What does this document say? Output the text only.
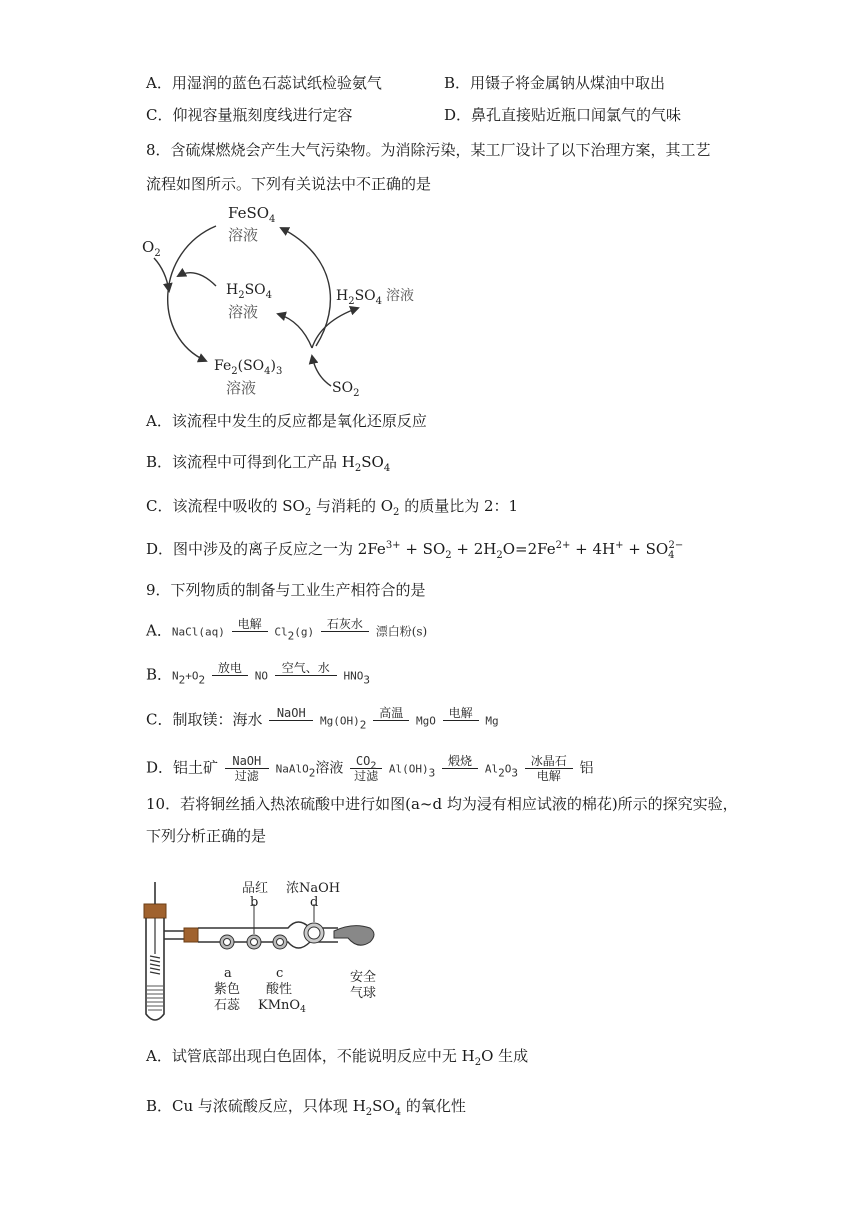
A．用湿润的蓝色石蕊试纸检验氨气	B．用镊子将金属钠从煤油中取出
C．仰视容量瓶刻度线进行定容	D．鼻孔直接贴近瓶口闻氯气的气味
8．含硫煤燃烧会产生大气污染物。为消除污染，某工厂设计了以下治理方案，其工艺
流程如图所示。下列有关说法中不正确的是
FeSO$_4$
溶液
$O_2$
$H_2SO_4$
溶液
$H_2SO_4$ 溶液
$Fe_2(SO_4)_3$
溶液	$SO_2$
A．该流程中发生的反应都是氧化还原反应
B．该流程中可得到化工产品 $H_2SO_4$
C．该流程中吸收的 $SO_2$ 与消耗的 $O_2$ 的质量比为 2：1
D．图中涉及的离子反应之一为 $2Fe^{3+} + SO_2 + 2H_2O=2Fe^{2+} + 4H^+ + SO_4^{2-}$
9．下列物质的制备与工业生产相符合的是
A．NaCl(aq)
电解

$Cl_2(g)$
石灰水

漂白粉(s)
B．$N_2+O_2$
放电

NO
空气、水

$HNO_3$
C．制取镁：海水	NaOH

$Mg(OH)_2$
高温

MgO
电解

Mg
D．铝土矿	NaOH
过滤	NaAlO$_2$溶液	$CO_2$
过滤 $Al(OH)_3$
煅烧

$Al_2O_3$
冰晶石
电解	铝
10．若将铜丝插入热浓硫酸中进行如图(a~d 均为浸有相应试液的棉花)所示的探究实验，
下列分析正确的是
品红
b
浓NaOH
d
a
紫色
石蕊
c
酸性
KMnO$_4$
安全
气球
A．试管底部出现白色固体，不能说明反应中无 $H_2O$ 生成
B．Cu 与浓硫酸反应，只体现 $H_2SO_4$ 的氧化性
